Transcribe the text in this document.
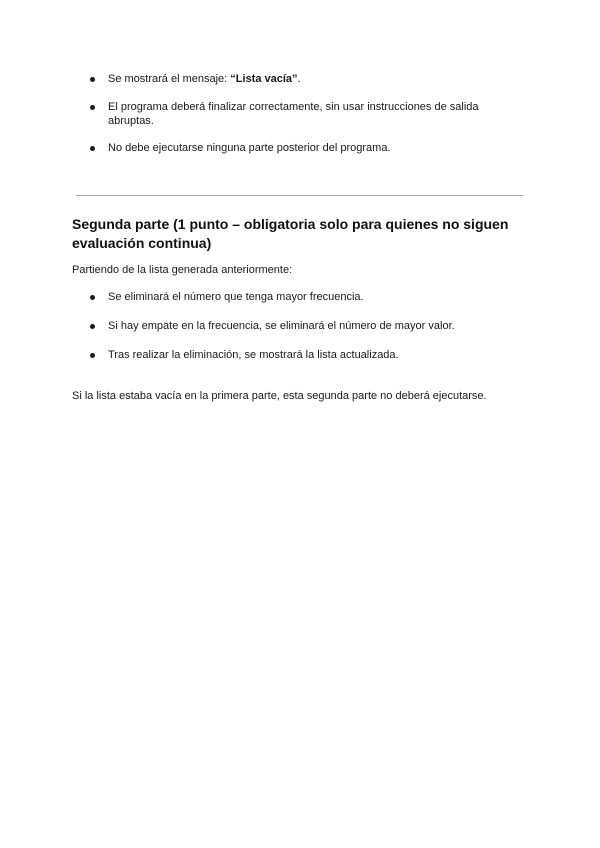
Se mostrará el mensaje: “Lista vacía”.
El programa deberá finalizar correctamente, sin usar instrucciones de salida abruptas.
No debe ejecutarse ninguna parte posterior del programa.
Segunda parte (1 punto – obligatoria solo para quienes no siguen evaluación continua)

Partiendo de la lista generada anteriormente:

Se eliminará el número que tenga mayor frecuencia.
Si hay empate en la frecuencia, se eliminará el número de mayor valor.
Tras realizar la eliminación, se mostrará la lista actualizada.

Si la lista estaba vacía en la primera parte, esta segunda parte no deberá ejecutarse.
